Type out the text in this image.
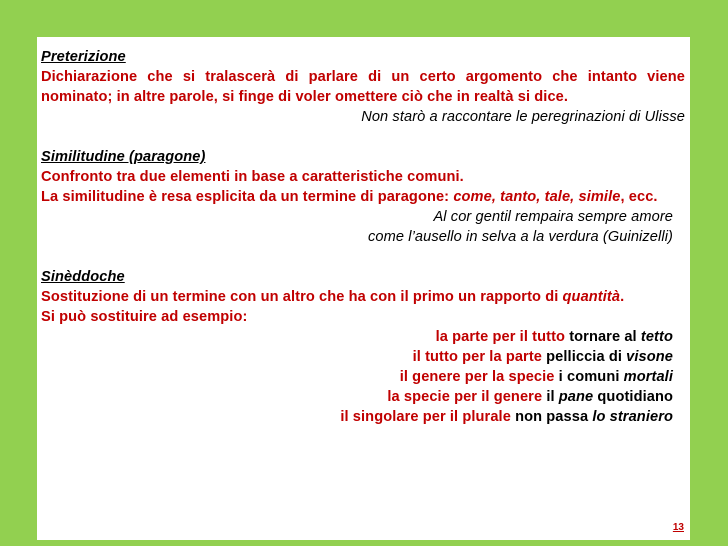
Preterizione
Dichiarazione che si tralascerà di parlare di un certo argomento che intanto viene nominato; in altre parole, si finge di voler omettere ciò che in realtà si dice.
Non starò a raccontare le peregrinazioni di Ulisse
Similitudine (paragone)
Confronto tra due elementi in base a caratteristiche comuni.
La similitudine è resa esplicita da un termine di paragone: come, tanto, tale, simile, ecc.
Al cor gentil rempaira sempre amore
come l’ausello in selva a la verdura (Guinizelli)
Sinèddoche
Sostituzione di un termine con un altro che ha con il primo un rapporto di quantità.
Si può sostituire ad esempio:
la parte per il tutto tornare al tetto
il tutto per la parte pelliccia di visone
il genere per la specie i comuni mortali
la specie per il genere il pane quotidiano
il singolare per il plurale non passa lo straniero
13
